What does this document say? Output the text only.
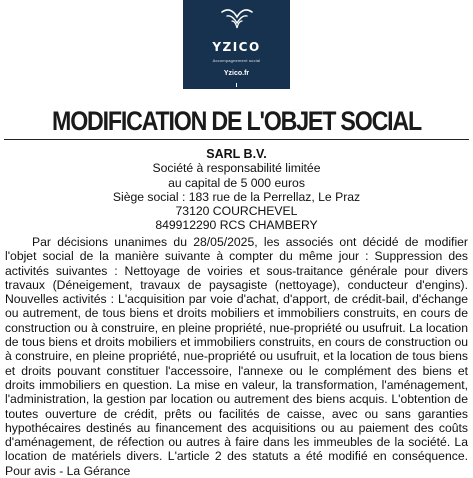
YZICO
Accompagnement social
Yzico.fr
MODIFICATION DE L'OBJET SOCIAL
SARL B.V.
Société à responsabilité limitée
au capital de 5 000 euros
Siège social : 183 rue de la Perrellaz, Le Praz
73120 COURCHEVEL
849912290 RCS CHAMBERY

Par décisions unanimes du 28/05/2025, les associés ont décidé de modifier l'objet social de la manière suivante à compter du même jour : Suppression des activités suivantes : Nettoyage de voiries et sous-traitance générale pour divers travaux (Déneigement, travaux de paysagiste (nettoyage), conducteur d'engins). Nouvelles activités : L'acquisition par voie d'achat, d'apport, de crédit-bail, d'échange ou autrement, de tous biens et droits mobiliers et immobiliers construits, en cours de construction ou à construire, en pleine propriété, nue-propriété ou usufruit. La location de tous biens et droits mobiliers et immobiliers construits, en cours de construction ou à construire, en pleine propriété, nue-propriété ou usufruit, et la location de tous biens et droits pouvant constituer l'accessoire, l'annexe ou le complément des biens et droits immobiliers en question. La mise en valeur, la transformation, l'aménagement, l'administration, la gestion par location ou autrement des biens acquis. L'obtention de toutes ouverture de crédit, prêts ou facilités de caisse, avec ou sans garanties hypothécaires destinés au financement des acquisitions ou au paiement des coûts d'aménagement, de réfection ou autres à faire dans les immeubles de la société. La location de matériels divers. L'article 2 des statuts a été modifié en conséquence. Pour avis - La Gérance
